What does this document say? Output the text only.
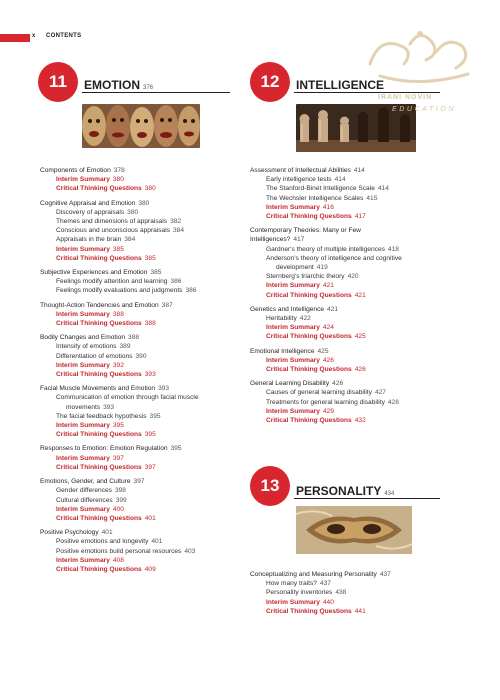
x CONTENTS
11	EMOTION 376
Components of Emotion 378
Interim Summary 380
Critical Thinking Questions 380
Cognitive Appraisal and Emotion 380
Discovery of appraisals 380
Themes and dimensions of appraisals 382
Conscious and unconscious appraisals 384
Appraisals in the brain 384
Interim Summary 385
Critical Thinking Questions 385
Subjective Experiences and Emotion 385
Feelings modify attention and learning 386
Feelings modify evaluations and judgments 386
Thought-Action Tendencies and Emotion 387
Interim Summary 388
Critical Thinking Questions 388
Bodily Changes and Emotion 388
Intensity of emotions 389
Differentiation of emotions 390
Interim Summary 392
Critical Thinking Questions 393
Facial Muscle Movements and Emotion 393
Communication of emotion through facial muscle
movements 393
The facial feedback hypothesis 395
Interim Summary 395
Critical Thinking Questions 395
Responses to Emotion: Emotion Regulation 395
Interim Summary 397
Critical Thinking Questions 397
Emotions, Gender, and Culture 397
Gender differences 398
Cultural differences 399
Interim Summary 400
Critical Thinking Questions 401
Positive Psychology 401
Positive emotions and longevity 401
Positive emotions build personal resources 403
Interim Summary 408
Critical Thinking Questions 409
12	INTELLIGENCE
Assessment of Intellectual Abilities 414
Early intelligence tests 414
The Stanford-Binet Intelligence Scale 414
The Wechsler Intelligence Scales 415
Interim Summary 416
Critical Thinking Questions 417
Contemporary Theories: Many or Few
Intelligences? 417
Gardner's theory of multiple intelligences 418
Anderson's theory of intelligence and cognitive
development 419
Sternberg's triarchic theory 420
Interim Summary 421
Critical Thinking Questions 421
Genetics and Intelligence 421
Heritability 422
Interim Summary 424
Critical Thinking Questions 425
Emotional Intelligence 425
Interim Summary 426
Critical Thinking Questions 426
General Learning Disability 426
Causes of general learning disability 427
Treatments for general learning disability 428
Interim Summary 429
Critical Thinking Questions 432
13	PERSONALITY 434
Conceptualizing and Measuring Personality 437
How many traits? 437
Personality inventories 438
Interim Summary 440
Critical Thinking Questions 441
IRANI NOVIN
EDUCATION
